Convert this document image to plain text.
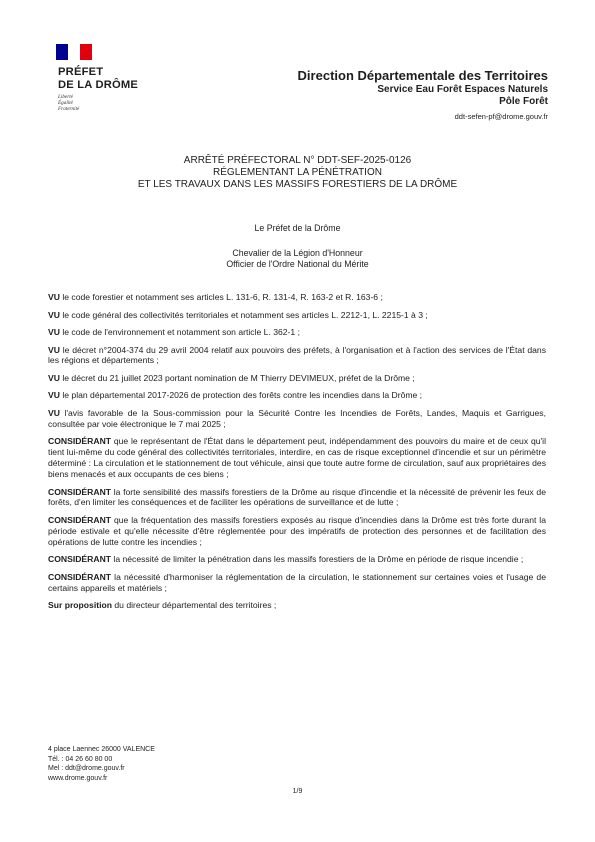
PRÉFET
DE LA DRÔME
Liberté
Égalité
Fraternité
Direction Départementale des Territoires
Service Eau Forêt Espaces Naturels
Pôle Forêt
ddt-sefen-pf@drome.gouv.fr
ARRÊTÉ PRÉFECTORAL N° DDT-SEF-2025-0126
RÉGLEMENTANT LA PÉNÉTRATION
ET LES TRAVAUX DANS LES MASSIFS FORESTIERS DE LA DRÔME
Le Préfet de la Drôme
Chevalier de la Légion d'Honneur
Officier de l'Ordre National du Mérite

VU le code forestier et notamment ses articles L. 131-6, R. 131-4, R. 163-2 et R. 163-6 ;

VU le code général des collectivités territoriales et notamment ses articles L. 2212-1, L. 2215-1 à 3 ;

VU le code de l'environnement et notamment son article L. 362-1 ;

VU le décret n°2004-374 du 29 avril 2004 relatif aux pouvoirs des préfets, à l'organisation et à l'action des services de l'État dans les régions et départements ;

VU le décret du 21 juillet 2023 portant nomination de M Thierry DEVIMEUX, préfet de la Drôme ;

VU le plan départemental 2017-2026 de protection des forêts contre les incendies dans la Drôme ;

VU l'avis favorable de la Sous-commission pour la Sécurité Contre les Incendies de Forêts, Landes, Maquis et Garrigues, consultée par voie électronique le 7 mai 2025 ;

CONSIDÉRANT que le représentant de l'État dans le département peut, indépendamment des pouvoirs du maire et de ceux qu'il tient lui-même du code général des collectivités territoriales, interdire, en cas de risque exceptionnel d'incendie et sur un périmètre déterminé : La circulation et le stationnement de tout véhicule, ainsi que toute autre forme de circulation, sauf aux propriétaires des biens menacés et aux occupants de ces biens ;

CONSIDÉRANT la forte sensibilité des massifs forestiers de la Drôme au risque d'incendie et la nécessité de prévenir les feux de forêts, d'en limiter les conséquences et de faciliter les opérations de surveillance et de lutte ;

CONSIDÉRANT que la fréquentation des massifs forestiers exposés au risque d'incendies dans la Drôme est très forte durant la période estivale et qu'elle nécessite d'être réglementée pour des impératifs de protection des personnes et de facilitation des opérations de lutte contre les incendies ;

CONSIDÉRANT la nécessité de limiter la pénétration dans les massifs forestiers de la Drôme en période de risque incendie ;

CONSIDÉRANT la nécessité d'harmoniser la réglementation de la circulation, le stationnement sur certaines voies et l'usage de certains appareils et matériels ;

Sur proposition du directeur départemental des territoires ;

4 place Laennec 26000 VALENCE
Tél. : 04 26 60 80 00
Mel : ddt@drome.gouv.fr
www.drome.gouv.fr
1/9
